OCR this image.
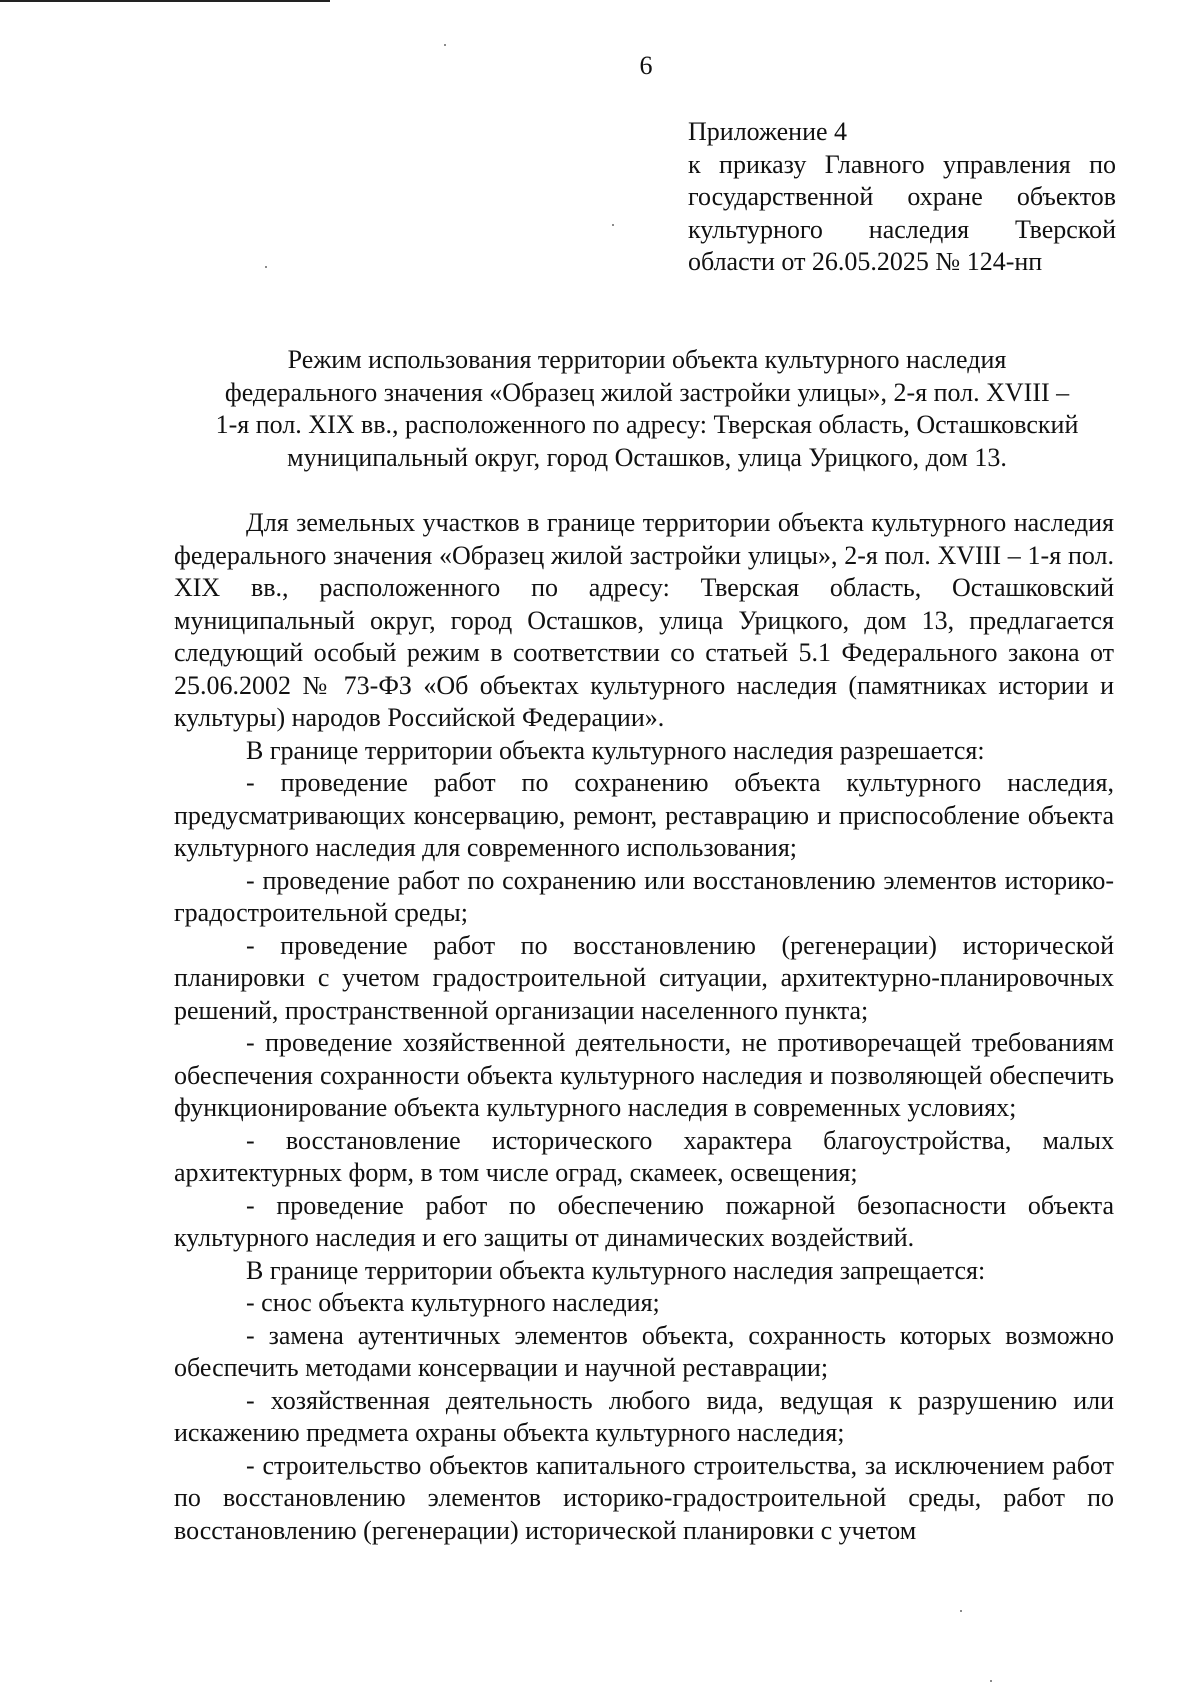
6
Приложение 4
к приказу Главного управления по государственной охране объектов культурного наследия Тверской области от 26.05.2025 № 124-нп
Режим использования территории объекта культурного наследия
федерального значения «Образец жилой застройки улицы», 2-я пол. XVIII –
1-я пол. XIX вв., расположенного по адресу: Тверская область, Осташковский
муниципальный округ, город Осташков, улица Урицкого, дом 13.

Для земельных участков в границе территории объекта культурного наследия федерального значения «Образец жилой застройки улицы», 2-я пол. XVIII – 1-я пол. XIX вв., расположенного по адресу: Тверская область, Осташковский муниципальный округ, город Осташков, улица Урицкого, дом 13, предлагается следующий особый режим в соответствии со статьей 5.1 Федерального закона от 25.06.2002 № 73-ФЗ «Об объектах культурного наследия (памятниках истории и культуры) народов Российской Федерации».

В границе территории объекта культурного наследия разрешается:

- проведение работ по сохранению объекта культурного наследия, предусматривающих консервацию, ремонт, реставрацию и приспособление объекта культурного наследия для современного использования;

- проведение работ по сохранению или восстановлению элементов историко-градостроительной среды;

- проведение работ по восстановлению (регенерации) исторической планировки с учетом градостроительной ситуации, архитектурно-планировочных решений, пространственной организации населенного пункта;

- проведение хозяйственной деятельности, не противоречащей требованиям обеспечения сохранности объекта культурного наследия и позволяющей обеспечить функционирование объекта культурного наследия в современных условиях;

- восстановление исторического характера благоустройства, малых архитектурных форм, в том числе оград, скамеек, освещения;

- проведение работ по обеспечению пожарной безопасности объекта культурного наследия и его защиты от динамических воздействий.

В границе территории объекта культурного наследия запрещается:

- снос объекта культурного наследия;

- замена аутентичных элементов объекта, сохранность которых возможно обеспечить методами консервации и научной реставрации;

- хозяйственная деятельность любого вида, ведущая к разрушению или искажению предмета охраны объекта культурного наследия;

- строительство объектов капитального строительства, за исключением работ по восстановлению элементов историко-градостроительной среды, работ по восстановлению (регенерации) исторической планировки с учетом
